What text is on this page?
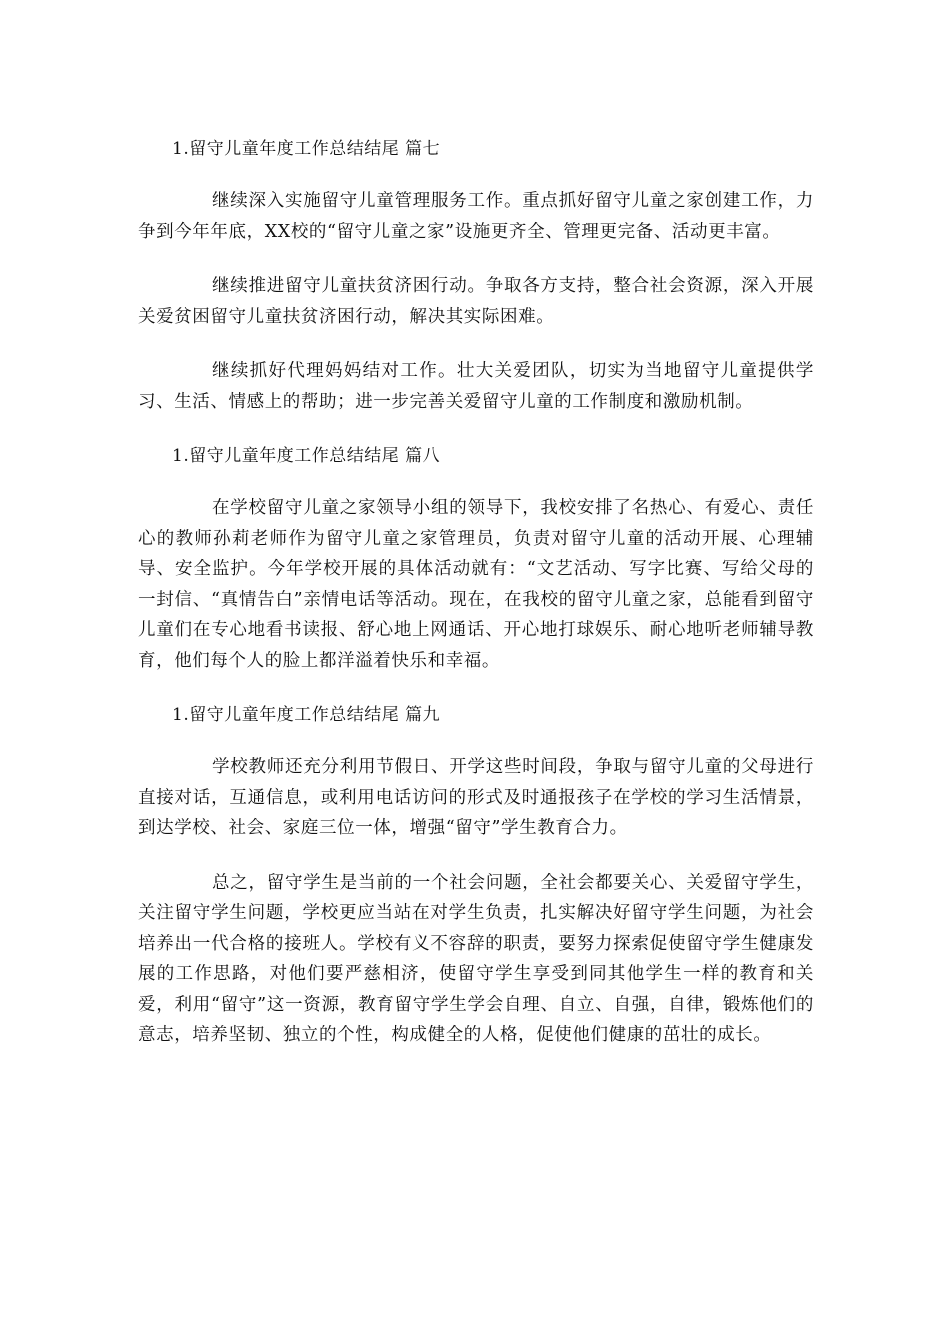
1.留守儿童年度工作总结结尾 篇七

继续深入实施留守儿童管理服务工作。重点抓好留守儿童之家创建工作，力争到今年年底，XX校的“留守儿童之家”设施更齐全、管理更完备、活动更丰富。

继续推进留守儿童扶贫济困行动。争取各方支持，整合社会资源，深入开展关爱贫困留守儿童扶贫济困行动，解决其实际困难。

继续抓好代理妈妈结对工作。壮大关爱团队，切实为当地留守儿童提供学习、生活、情感上的帮助；进一步完善关爱留守儿童的工作制度和激励机制。

1.留守儿童年度工作总结结尾 篇八

在学校留守儿童之家领导小组的领导下，我校安排了名热心、有爱心、责任心的教师孙莉老师作为留守儿童之家管理员，负责对留守儿童的活动开展、心理辅导、安全监护。今年学校开展的具体活动就有：“文艺活动、写字比赛、写给父母的一封信、“真情告白”亲情电话等活动。现在，在我校的留守儿童之家，总能看到留守儿童们在专心地看书读报、舒心地上网通话、开心地打球娱乐、耐心地听老师辅导教育，他们每个人的脸上都洋溢着快乐和幸福。

1.留守儿童年度工作总结结尾 篇九

学校教师还充分利用节假日、开学这些时间段，争取与留守儿童的父母进行直接对话，互通信息，或利用电话访问的形式及时通报孩子在学校的学习生活情景，到达学校、社会、家庭三位一体，增强“留守”学生教育合力。

总之，留守学生是当前的一个社会问题，全社会都要关心、关爱留守学生，关注留守学生问题，学校更应当站在对学生负责，扎实解决好留守学生问题，为社会培养出一代合格的接班人。学校有义不容辞的职责，要努力探索促使留守学生健康发展的工作思路，对他们要严慈相济，使留守学生享受到同其他学生一样的教育和关爱，利用“留守”这一资源，教育留守学生学会自理、自立、自强，自律，锻炼他们的意志，培养坚韧、独立的个性，构成健全的人格，促使他们健康的茁壮的成长。
